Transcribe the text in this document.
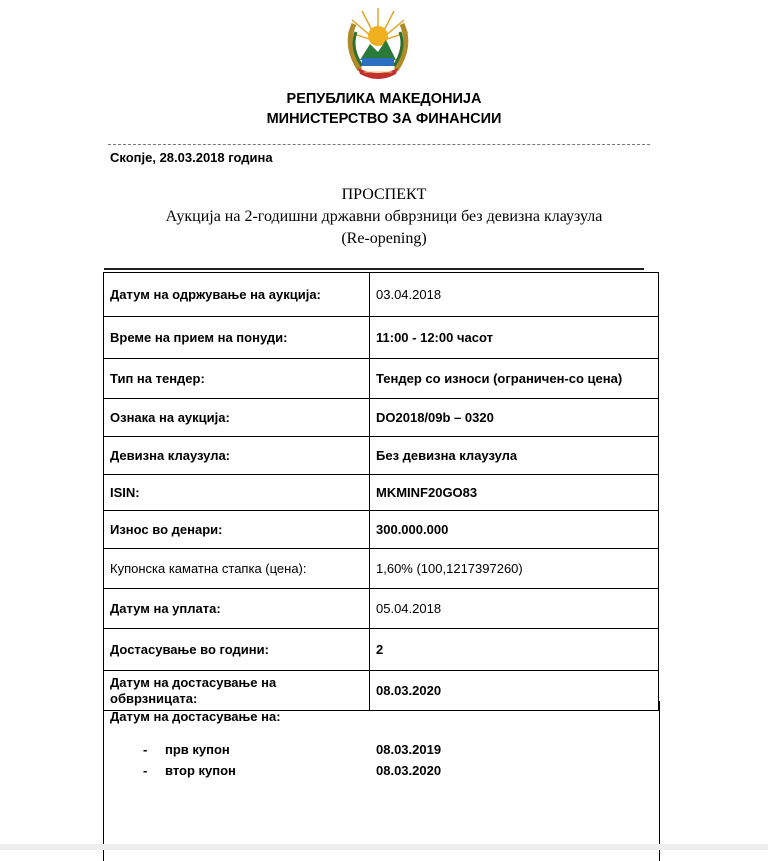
РЕПУБЛИКА МАКЕДОНИЈА
МИНИСТЕРСТВО ЗА ФИНАНСИИ
Скопје, 28.03.2018 година
ПРОСПЕКТ
Аукција на 2-годишни државни обврзници без девизна клаузула
(Re-opening)
Датум на одржување на аукција:	03.04.2018
Време на прием на понуди:	11:00 - 12:00 часот
Тип на тендер:	Тендер со износи (ограничен-со цена)
Ознака на аукција:	DO2018/09b – 0320
Девизна клаузула:	Без девизна клаузула
ISIN:	MKMINF20GO83
Износ во денари:	300.000.000
Купонска каматна стапка (цена):	1,60% (100,1217397260)
Датум на уплата:	05.04.2018
Достасување во години:	2
Датум на достасување на обврзницата:	08.03.2020
Датум на достасување на:
- прв купон	08.03.2019
- втор купон	08.03.2020
